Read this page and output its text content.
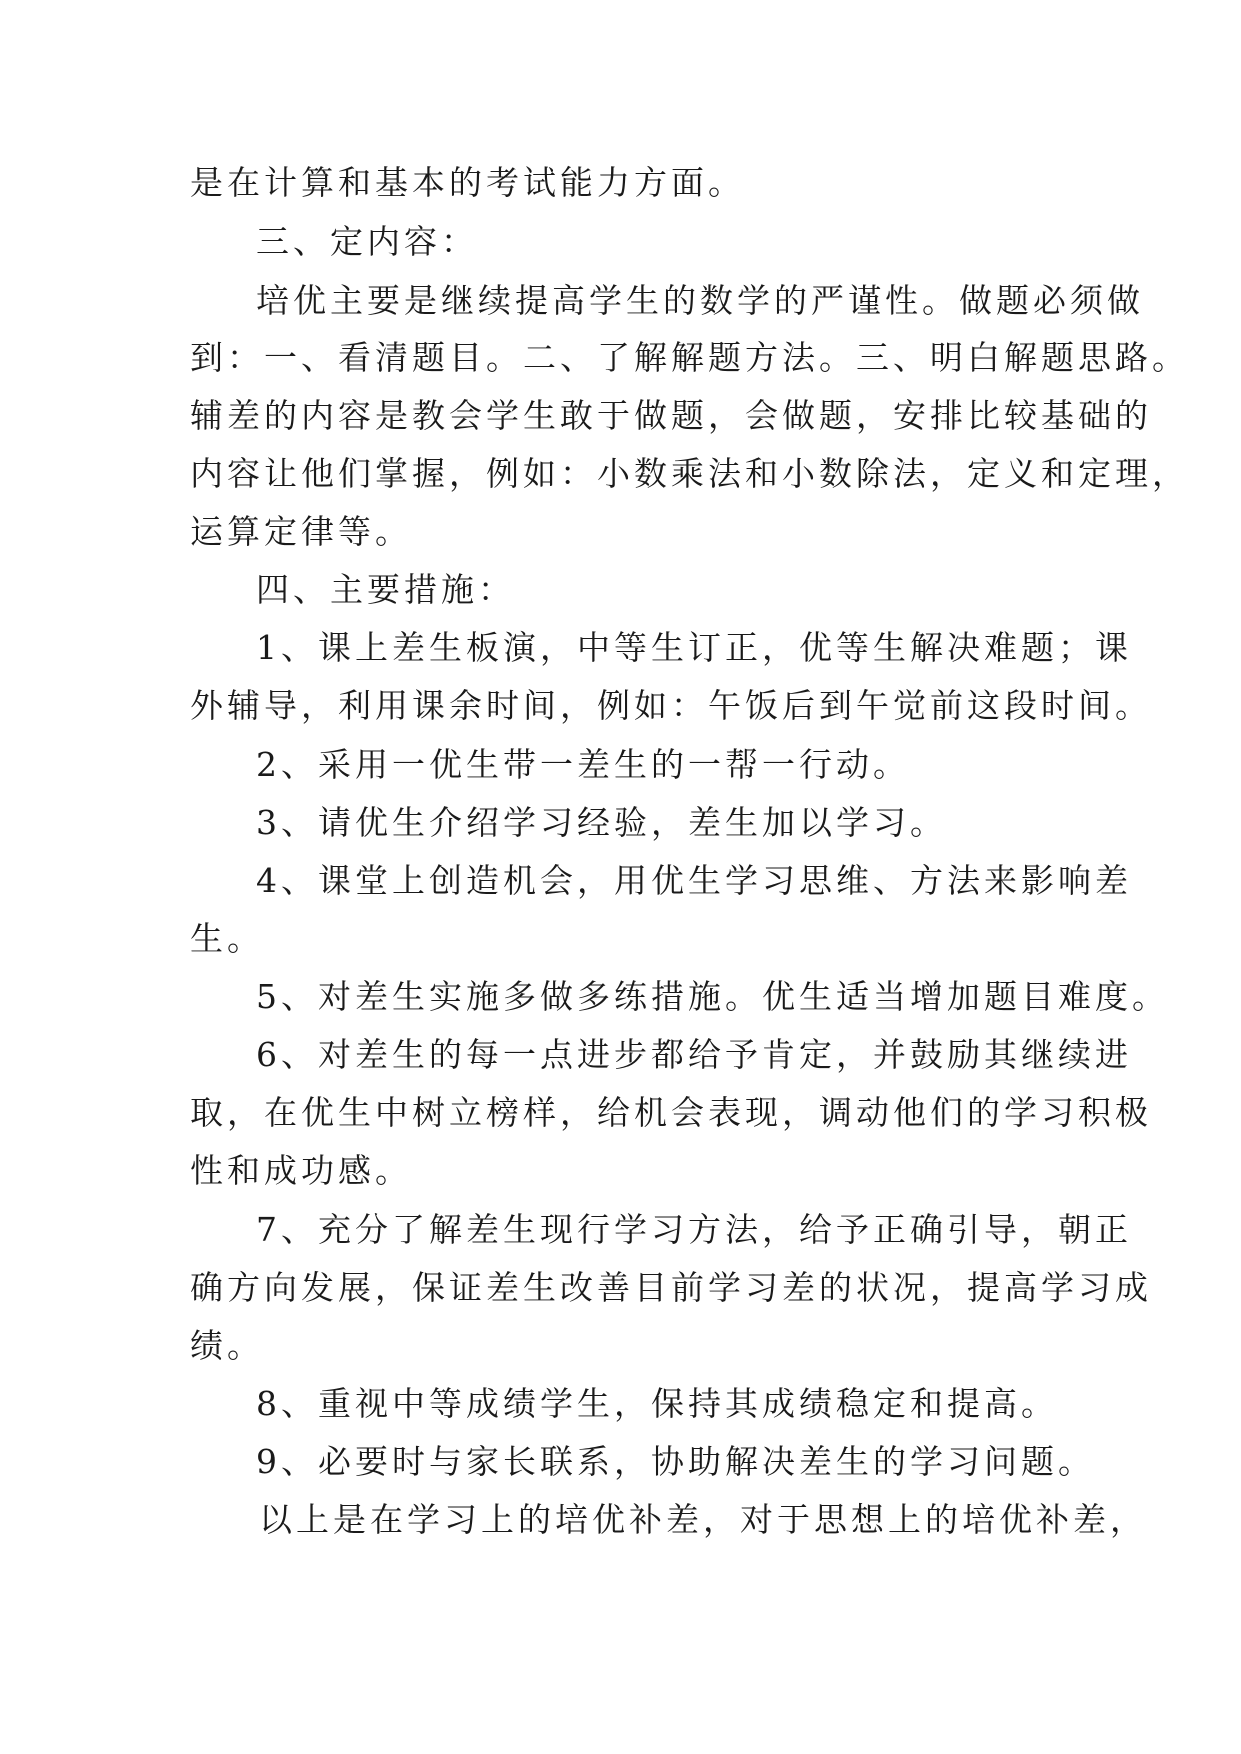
是在计算和基本的考试能力方面。
三、定内容：
培优主要是继续提高学生的数学的严谨性。做题必须做
到：一、看清题目。二、了解解题方法。三、明白解题思路。
辅差的内容是教会学生敢于做题，会做题，安排比较基础的
内容让他们掌握，例如：小数乘法和小数除法，定义和定理，
运算定律等。
四、主要措施：
1、课上差生板演，中等生订正，优等生解决难题；课
外辅导，利用课余时间，例如：午饭后到午觉前这段时间。
2、采用一优生带一差生的一帮一行动。
3、请优生介绍学习经验，差生加以学习。
4、课堂上创造机会，用优生学习思维、方法来影响差
生。
5、对差生实施多做多练措施。优生适当增加题目难度。
6、对差生的每一点进步都给予肯定，并鼓励其继续进
取，在优生中树立榜样，给机会表现，调动他们的学习积极
性和成功感。
7、充分了解差生现行学习方法，给予正确引导，朝正
确方向发展，保证差生改善目前学习差的状况，提高学习成
绩。
8、重视中等成绩学生，保持其成绩稳定和提高。
9、必要时与家长联系，协助解决差生的学习问题。
以上是在学习上的培优补差，对于思想上的培优补差，
